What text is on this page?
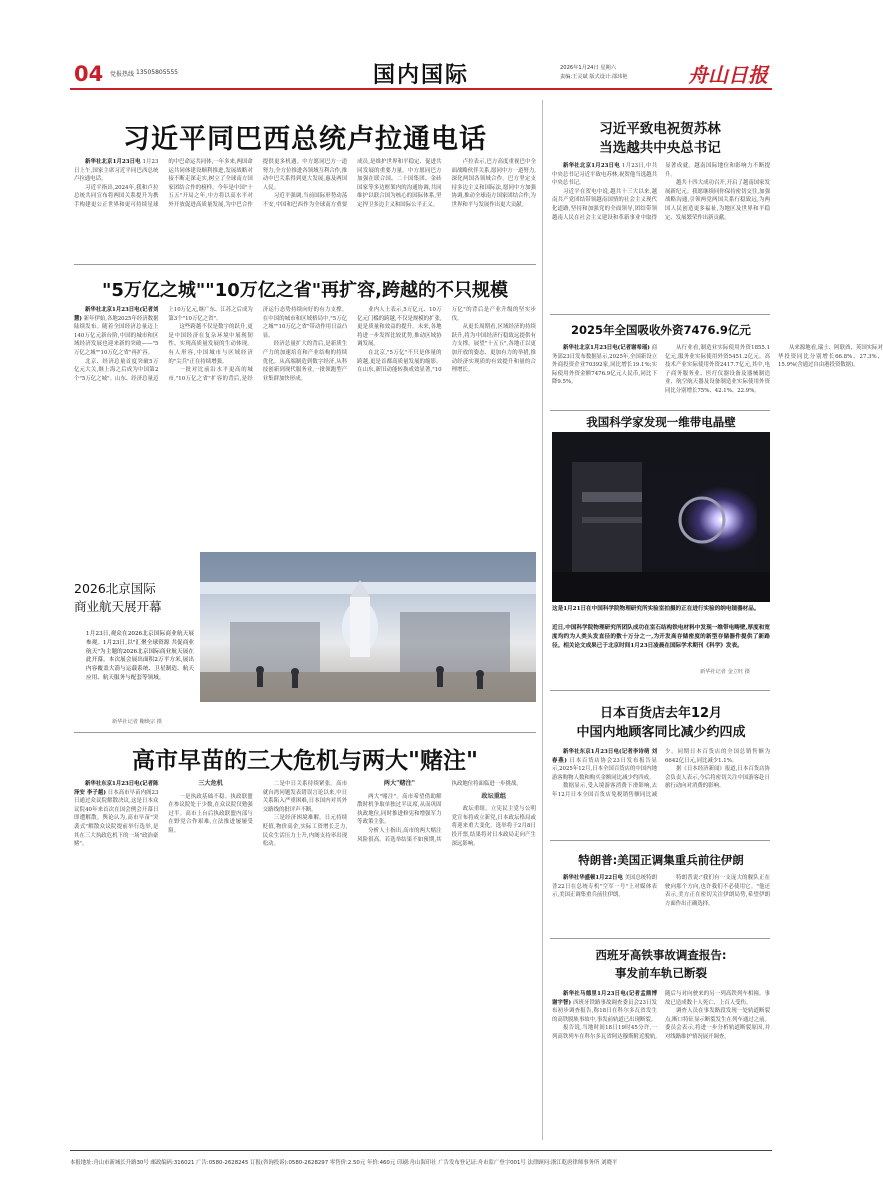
04 党报热线 13505805555	国内国际	2026年1月24日 星期六
责编:王灵斌 版式设计:邵玮艳	舟山日报
习近平同巴西总统卢拉通电话

新华社北京1月23日电 1月23日上午,国家主席习近平同巴西总统卢拉通电话。

习近平指出,2024年,我和卢拉总统共同宣布将两国关系提升为携手构建更公正世界和更可持续星球的中巴命运共同体,一年多来,两国命运共同体建设顺利推进,发展战略对接不断走深走实,树立了全球南方国家团结合作的榜样。今年是中国"十五五"开局之年,中方将以高水平对外开放促进高质量发展,为中巴合作提供更多机遇。中方愿同巴方一道努力,全方位推进各领域互利合作,推动中巴关系得到更大发展,惠及两国人民。

习近平强调,当前国际形势动荡不安,中国和巴西作为全球南方重要成员,是维护世界和平稳定、促进共同发展的重要力量。中方愿同巴方加强在联合国、二十国集团、金砖国家等多边框架内的沟通协调,共同维护以联合国为核心的国际体系,坚定捍卫多边主义和国际公平正义。

卢拉表示,巴方高度重视巴中全面战略伙伴关系,愿同中方一道努力,深化两国各领域合作。巴方坚定支持多边主义和国际法,愿同中方加强协调,推动全球南方国家团结合作,为世界和平与发展作出更大贡献。

习近平致电祝贺苏林
当选越共中央总书记

新华社北京1月23日电 1月23日,中共中央总书记习近平致电苏林,祝贺他当选越共中央总书记。

习近平在贺电中说,越共十三大以来,越南共产党团结带领越南国情的社会主义现代化道路,坚持和加强党的全面领导,团结带领越南人民在社会主义建设和革新事业中取得显著成就。越南国际地位和影响力不断提升。

越共十四大成功召开,开启了越南国家发展新纪元。我愿继续同你保持密切交往,加强战略沟通,引领两党两国关系行稳致远,为两国人民创造更多福祉,为地区及世界和平稳定、发展繁荣作出新贡献。

"5万亿之城""10万亿之省"再扩容,跨越的不只规模

新华社北京1月23日电(记者刘慧) 新年伊始,各地2025年经济数据陆续发布。随着全国经济总量迈上140万亿元新台阶,中国的城市和区域经济发展也迎来新的突破——"5万亿之城""10万亿之省"再扩容。

北京、经济总量首度突破5万亿元大关,继上海之后成为中国第2个"5万亿之城"。山东、经济总量迈上10万亿元,继广东、江苏之后成为第3个"10万亿之省"。

这些跨越不仅是数字的跃升,更是中国经济在复杂环境中展现韧性、实现高质量发展的生动体现。有人形容,中国城市与区域经济的"尖兵"正在持续增强。

一批对比前沿水平更高的城市,"10万亿之省"扩容的背后,是经济运行态势持续向好的有力支撑。在中国的城市和区域格局中,"5万亿之城""10万亿之省"带动作用日益凸显。

经济总量扩大的背后,是新质生产力的加速培育和产业结构的持续优化。从高端制造到数字经济,从科技创新到现代服务业,一批领跑型产业集群加快形成。

业内人士表示,5万亿元、10万亿元门槛的跨越,不仅是规模的扩张,更是质量和效益的提升。未来,各地将进一步发挥比较优势,推动区域协调发展。

在北京,"5万亿"不只是体量的跨越,更是首都高质量发展的缩影。在山东,新旧动能转换成效显著,"10万亿"的背后是产业升级的坚实步伐。

从更长周期看,区域经济的持续跃升,将为中国经济行稳致远提供有力支撑。展望"十五五",各地正以更加开放的姿态、更加有力的举措,推动经济实现质的有效提升和量的合理增长。

2026北京国际
商业航天展开幕
1月23日,观众在2026北京国际商业航天展参观。1月23日,以"汇聚全球资源 共促商业航天"为主题的2026北京国际商业航天展在此开幕。本次展会展出面积2万平方米,展出内容覆盖大箭与运载系统、卫星制造、航天应用、航天服务与配套等领域。
新华社记者 鞠焕宗 摄
2025年全国吸收外资7476.9亿元

新华社北京1月23日电(记者谢希瑶) 商务部23日发布数据显示,2025年,全国新设立外商投资企业70392家,同比增长19.1%;实际使用外资金额7476.9亿元人民币,同比下降9.5%。

从行业看,制造业实际使用外资1855.1亿元,服务业实际使用外资5451.2亿元。高技术产业实际使用外资2417.7亿元,其中,电子商务服务业、医疗仪器设备及器械制造业、航空航天器及设备制造业实际使用外资同比分别增长75%、42.1%、22.9%。

从来源地看,瑞士、阿联酋、英国实际对华投资同比分别增长66.8%、27.3%、15.9%(含通过自由港投资数据)。

我国科学家发现一维带电晶壁
这是1月21日在中国科学院物理研究所实验室拍摄的正在进行实验的纳电镜器材品。
近日,中国科学院物理研究所团队成功在室石结构铁电材料中发现一维带电畴壁,厚度和宽度均约为人类头发直径的数十万分之一,为开发高存储密度的新型存储器件提供了新路径。相关论文成果已于北京时间1月23日凌晨在国际学术期刊《科学》发表。
新华社记者 金立旺 摄
日本百货店去年12月
中国内地顾客同比减少约四成

新华社东京1月23日电(记者李诗萌 刘春燕) 日本百货店协会23日发布报告显示,2025年12月,日本全国百货店的中国内地游客购物人数和购买金额同比减少约四成。

数据显示,受入境游客消费下滑影响,去年12月日本全国百货店免税销售额同比减少。同期日本百货店的全国总销售额为6642亿日元,同比减少1.1%。

据《日本经济新闻》报道,日本百货店协会负责人表示,今后将密切关注中国游客赴日旅行动向对消费的影响。

特朗普:美国正调集重兵前往伊朗

新华社华盛顿1月22日电 美国总统特朗普22日在总统专机"空军一号"上对媒体表示,美国正调集重兵前往伊朗。

特朗普说:"我们有一支庞大的舰队正在驶向那个方向,也许我们不必使用它。"他还表示,美方正在密切关注伊朗局势,希望伊朗方面作出正确选择。

西班牙高铁事故调查报告:
事发前车轨已断裂

新华社马德里1月23日电(记者孟鼎博 谢宇智) 西班牙铁路事故调查委员会23日发布初步调查报告,称18日在科尔多瓦省发生的高铁脱轨事故中,事发前轨道已出现断裂。

报告说,当地时间18日19时45分许,一列高铁列车在科尔多瓦省阿达穆斯附近脱轨,随后与对向驶来的另一列高铁列车相撞。事故已造成数十人死亡、上百人受伤。

调查人员在事发路段发现一处轨道断裂点,断口特征显示断裂发生在列车通过之前。委员会表示,将进一步分析轨道断裂原因,并对线路维护情况展开调查。

高市早苗的三大危机与两大"赌注"

新华社东京1月23日电(记者陈泽安 李子越) 日本高市早苗内阁23日通过众议院解散决议,这是日本众议院40年来首次在国会例会开幕日即遭解散。舆论认为,高市早苗"突袭式"解散众议院提前举行选举,是其在三大执政危机下的一场"政治豪赌"。

三大危机

一是执政基础不稳。执政联盟在参议院处于少数,在众议院仅勉强过半。高市上台后执政联盟内部与在野党合作艰难,立法推进屡屡受阻。

二是中日关系持续紧张。高市就台湾问题发表错误言论以来,中日关系陷入严重困难,日本国内对其外交路线的批评声不断。

三是经济困境难解。日元持续贬值,物价高企,实际工资增长乏力,民众生活压力上升,内阁支持率出现松动。

两大"赌注"

两大"赌注"。高市希望借助解散时机争取单独过半议席,从而巩固执政地位,同时推进修宪和增强军力等政策主张。

分析人士指出,高市的两大赌注风险很高。若选举结果不如预期,其执政地位将面临进一步挑战。

政坛重组

政坛重组。立宪民主党与公明党宣布将成立新党,日本政坛格局或将迎来重大变化。选举将于2月8日投开票,结果将对日本政局走向产生深远影响。

本报地址:舟山市新城长升路30号 邮政编码:316021 广告:0580-2628245 订报(咨询投诉):0580-2628297 零售价:2.50元 年价:460元 印刷:舟山海印社 广告发布登记证:舟市监广登字001号 法律顾问:浙江乾唐律师事务所 刘晓平
